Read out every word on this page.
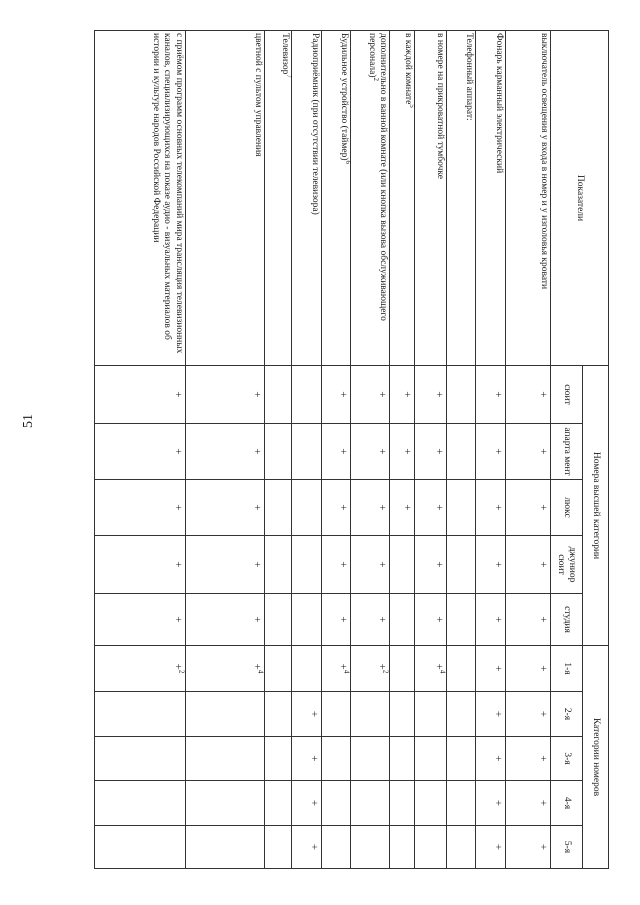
51
Показатели	Номера высшей категории					Категории номеров				
	сюит	апарта мент	люкс	джуниор сюит	студия	1-я	2-я	3-я	4-я	5-я
выключатель освещения у входа в номер и у изголовья кровати	+	+	+	+	+	+	+	+	+	+
Фонарь карманный электрический	+	+	+	+	+	+	+	+	+	+
Телефонный аппарат:										
в номере на прикроватной тумбочке	+	+	+	+	+	+$^4$				
в каждой комнате$^5$	+	+	+							
дополнительно в ванной комнате (или кнопка вызова обслуживающего персонала)$^2$	+	+	+	+	+	+$^2$				
Будильное устройство (таймер)$^6$	+	+	+	+	+	+$^4$				
Радиоприёмник (при отсутствии телевизора)							+	+	+	+
Телевизор$^7$										
цветной с пультом управления	+	+	+	+	+	+$^4$				
с приёмом программ основных телекомпаний мира трансляция телевизионных каналов, специализирующихся на показе аудио - визуальных материалов об истории и культуре народов Российской Федерации	+	+	+	+	+	+$^2$				
